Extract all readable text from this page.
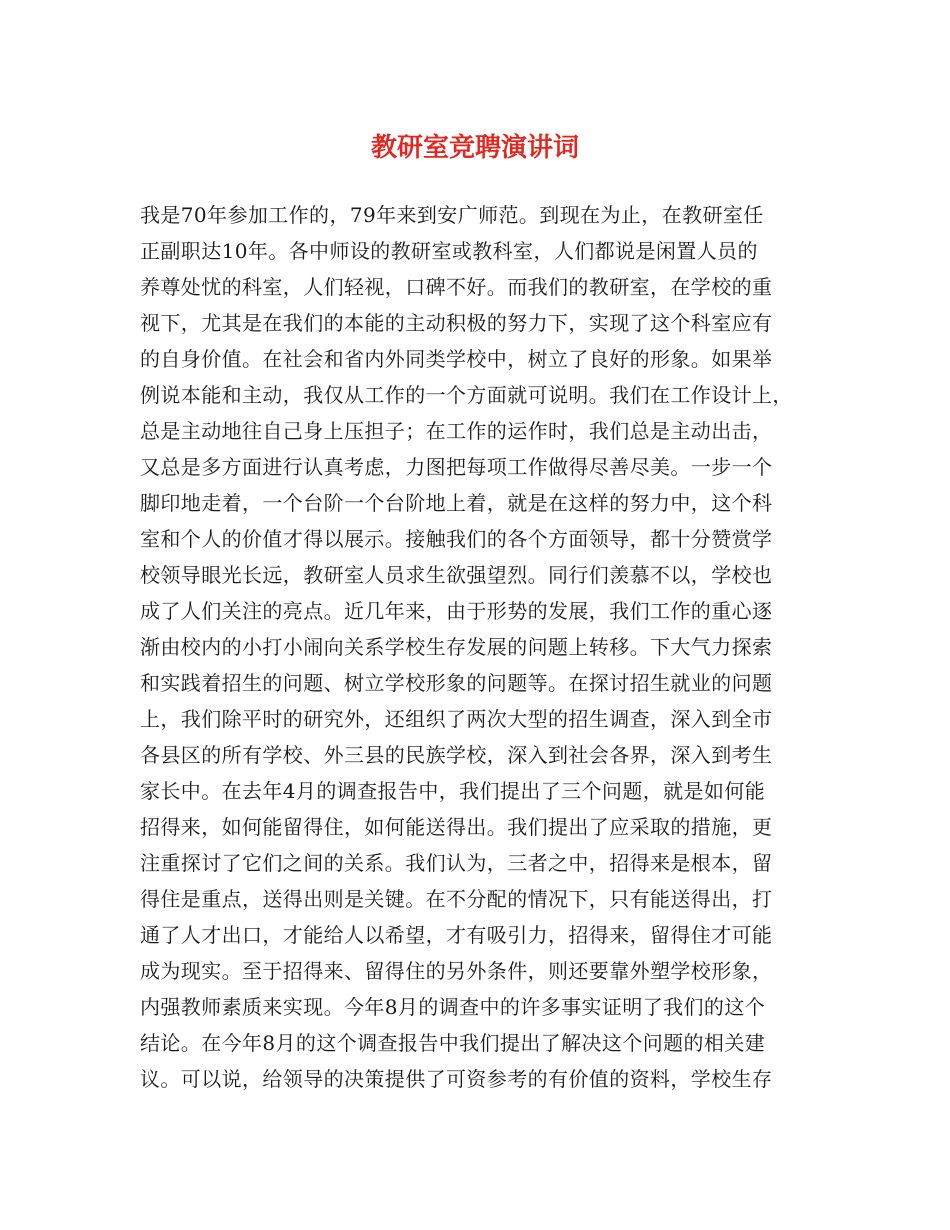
教研室竞聘演讲词
我是70年参加工作的，79年来到安广师范。到现在为止，在教研室任
正副职达10年。各中师设的教研室或教科室，人们都说是闲置人员的
养尊处忧的科室，人们轻视，口碑不好。而我们的教研室，在学校的重
视下，尤其是在我们的本能的主动积极的努力下，实现了这个科室应有
的自身价值。在社会和省内外同类学校中，树立了良好的形象。如果举
例说本能和主动，我仅从工作的一个方面就可说明。我们在工作设计上，
总是主动地往自己身上压担子；在工作的运作时，我们总是主动出击，
又总是多方面进行认真考虑，力图把每项工作做得尽善尽美。一步一个
脚印地走着，一个台阶一个台阶地上着，就是在这样的努力中，这个科
室和个人的价值才得以展示。接触我们的各个方面领导，都十分赞赏学
校领导眼光长远，教研室人员求生欲强望烈。同行们羡慕不以，学校也
成了人们关注的亮点。近几年来，由于形势的发展，我们工作的重心逐
渐由校内的小打小闹向关系学校生存发展的问题上转移。下大气力探索
和实践着招生的问题、树立学校形象的问题等。在探讨招生就业的问题
上，我们除平时的研究外，还组织了两次大型的招生调查，深入到全市
各县区的所有学校、外三县的民族学校，深入到社会各界，深入到考生
家长中。在去年4月的调查报告中，我们提出了三个问题，就是如何能
招得来，如何能留得住，如何能送得出。我们提出了应采取的措施，更
注重探讨了它们之间的关系。我们认为，三者之中，招得来是根本，留
得住是重点，送得出则是关键。在不分配的情况下，只有能送得出，打
通了人才出口，才能给人以希望，才有吸引力，招得来，留得住才可能
成为现实。至于招得来、留得住的另外条件，则还要靠外塑学校形象，
内强教师素质来实现。今年8月的调查中的许多事实证明了我们的这个
结论。在今年8月的这个调查报告中我们提出了解决这个问题的相关建
议。可以说，给领导的决策提供了可资参考的有价值的资料，学校生存
